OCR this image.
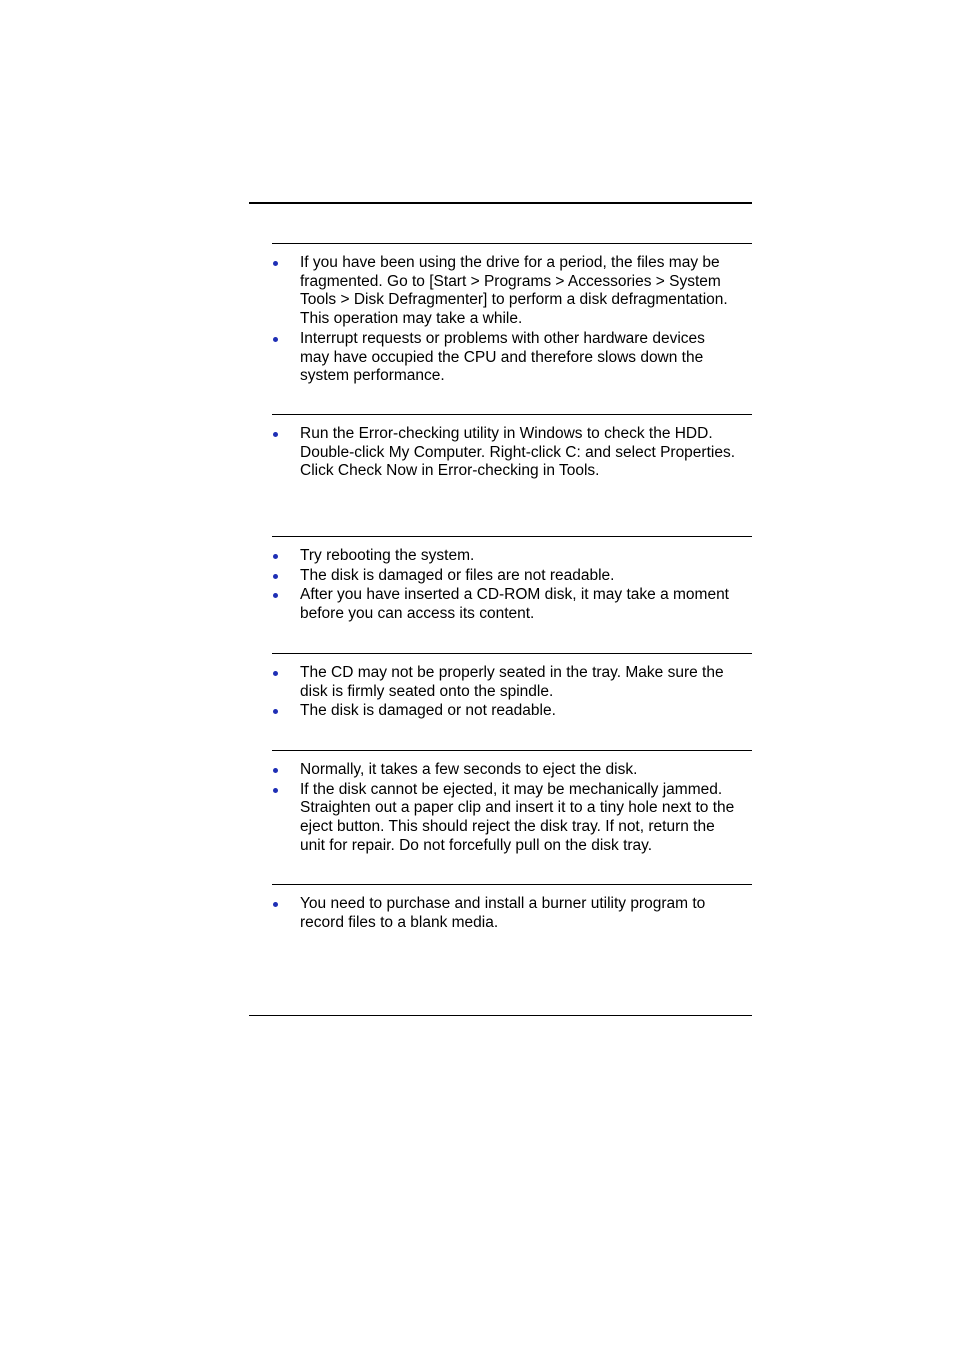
If you have been using the drive for a period, the files may be
fragmented. Go to [Start > Programs > Accessories > System
Tools > Disk Defragmenter] to perform a disk defragmentation.
This operation may take a while.
Interrupt requests or problems with other hardware devices
may have occupied the CPU and therefore slows down the
system performance.
Run the Error-checking utility in Windows to check the HDD.
Double-click My Computer. Right-click C: and select Properties.
Click Check Now in Error-checking in Tools.
Try rebooting the system.
The disk is damaged or files are not readable.
After you have inserted a CD-ROM disk, it may take a moment
before you can access its content.
The CD may not be properly seated in the tray. Make sure the
disk is firmly seated onto the spindle.
The disk is damaged or not readable.
Normally, it takes a few seconds to eject the disk.
If the disk cannot be ejected, it may be mechanically jammed.
Straighten out a paper clip and insert it to a tiny hole next to the
eject button. This should reject the disk tray. If not, return the
unit for repair. Do not forcefully pull on the disk tray.
You need to purchase and install a burner utility program to
record files to a blank media.
